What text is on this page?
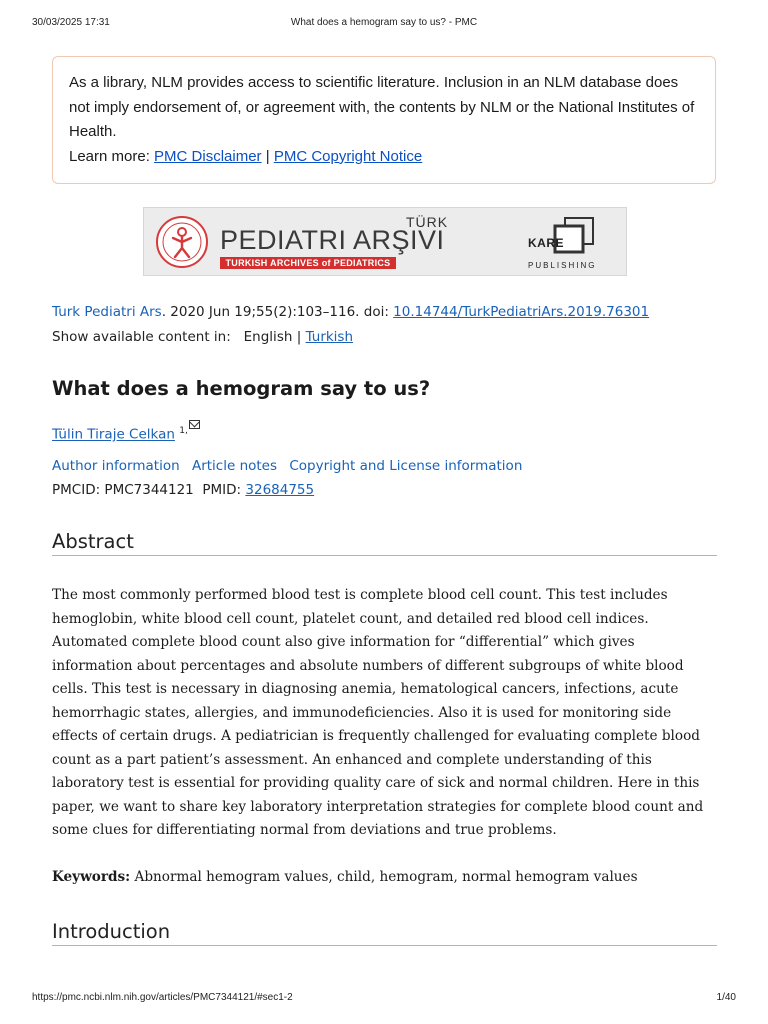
30/03/2025 17:31	What does a hemogram say to us? - PMC
As a library, NLM provides access to scientific literature. Inclusion in an NLM database does not imply endorsement of, or agreement with, the contents by NLM or the National Institutes of Health.
Learn more: PMC Disclaimer | PMC Copyright Notice
TÜRK
PEDIATRI ARŞIVI
TURKISH ARCHIVES of PEDIATRICS
KARE
PUBLISHING
Turk Pediatri Ars. 2020 Jun 19;55(2):103–116. doi: 10.14744/TurkPediatriArs.2019.76301
Show available content in: English | Turkish
What does a hemogram say to us?
Tülin Tiraje Celkan $^{1,}$
Author information Article notes Copyright and License information
PMCID: PMC7344121 PMID: 32684755
Abstract

The most commonly performed blood test is complete blood cell count. This test includes hemoglobin, white blood cell count, platelet count, and detailed red blood cell indices. Automated complete blood count also give information for “differential” which gives information about percentages and absolute numbers of different subgroups of white blood cells. This test is necessary in diagnosing anemia, hematological cancers, infections, acute hemorrhagic states, allergies, and immunodeficiencies. Also it is used for monitoring side effects of certain drugs. A pediatrician is frequently challenged for evaluating complete blood count as a part patient’s assessment. An enhanced and complete understanding of this laboratory test is essential for providing quality care of sick and normal children. Here in this paper, we want to share key laboratory interpretation strategies for complete blood count and some clues for differentiating normal from deviations and true problems.

Keywords: Abnormal hemogram values, child, hemogram, normal hemogram values

Introduction
https://pmc.ncbi.nlm.nih.gov/articles/PMC7344121/#sec1-2	1/40
